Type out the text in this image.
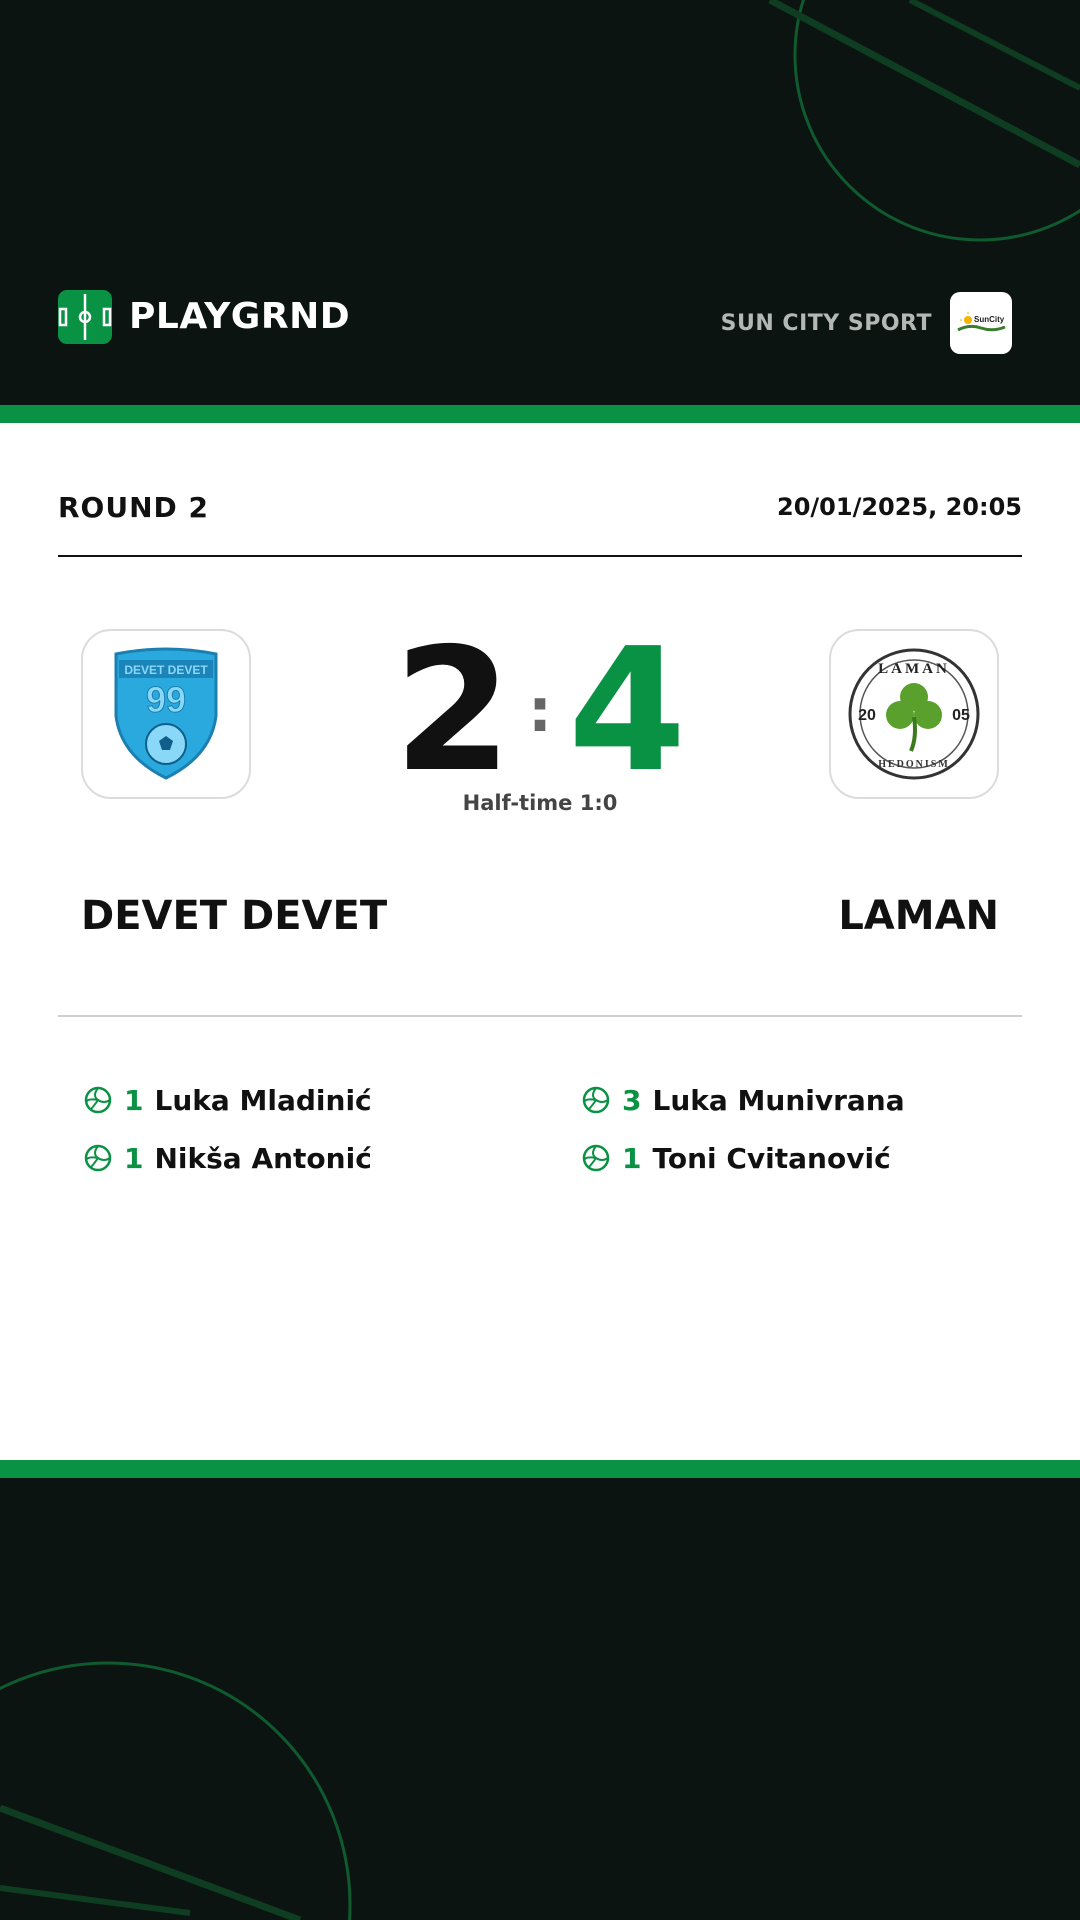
PLAYGRND	SUN CITY SPORT	SunCity
ROUND 2	20/01/2025, 20:05
DEVET DEVET
99 2 : 4
Half-time 1:0
LAMAN
HEDONISM
20	05
DEVET DEVET	LAMAN
1 Luka Mladinić
1 Nikša Antonić
3 Luka Munivrana
1 Toni Cvitanović
